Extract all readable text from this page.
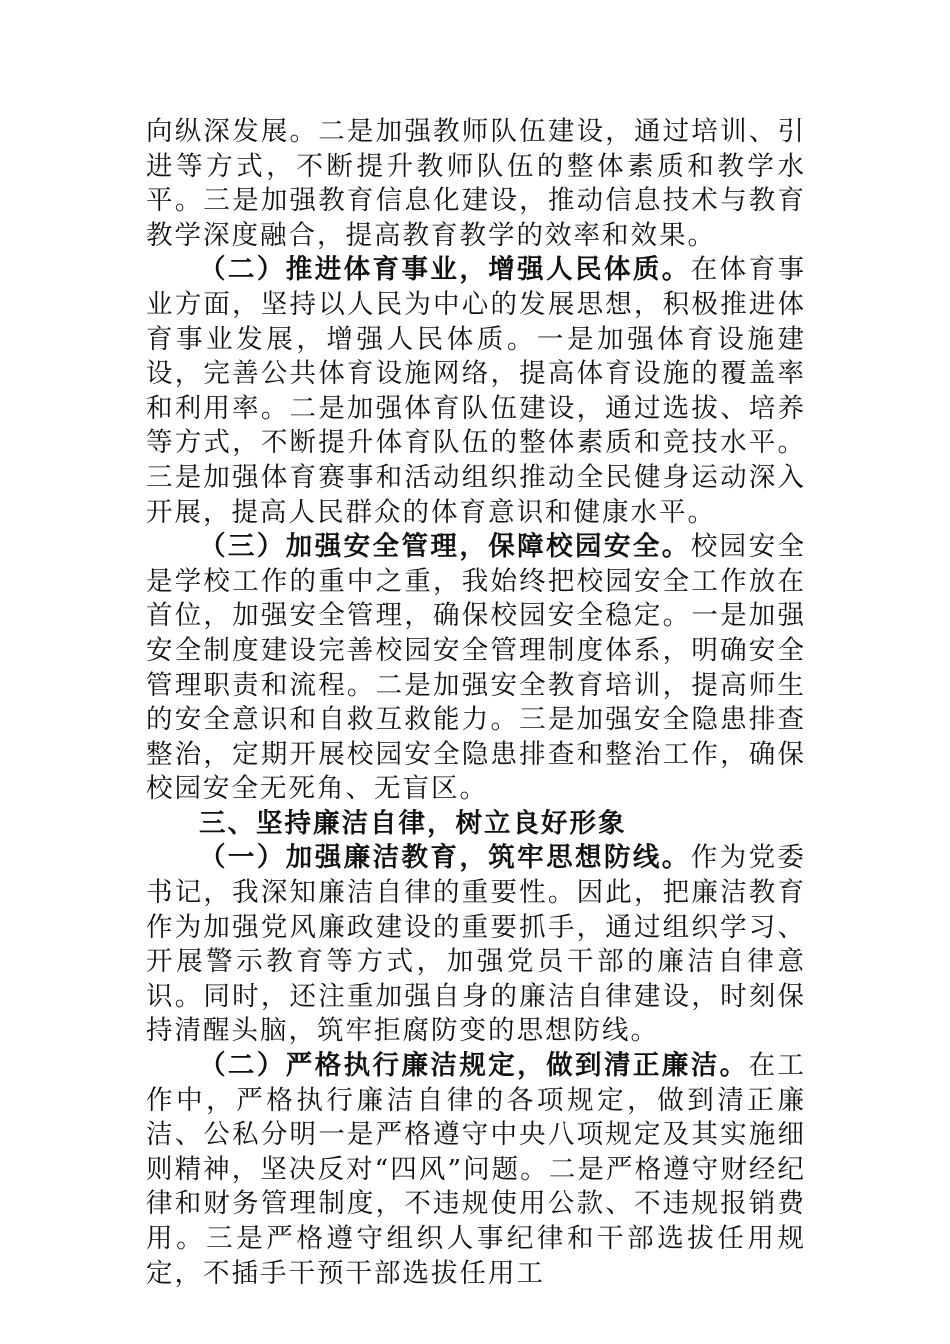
向纵深发展。二是加强教师队伍建设，通过培训、引进等方式，不断提升教师队伍的整体素质和教学水平。三是加强教育信息化建设，推动信息技术与教育教学深度融合，提高教育教学的效率和效果。

（二）推进体育事业，增强人民体质。在体育事业方面，坚持以人民为中心的发展思想，积极推进体育事业发展，增强人民体质。一是加强体育设施建设，完善公共体育设施网络，提高体育设施的覆盖率和利用率。二是加强体育队伍建设，通过选拔、培养等方式，不断提升体育队伍的整体素质和竞技水平。三是加强体育赛事和活动组织推动全民健身运动深入开展，提高人民群众的体育意识和健康水平。

（三）加强安全管理，保障校园安全。校园安全是学校工作的重中之重，我始终把校园安全工作放在首位，加强安全管理，确保校园安全稳定。一是加强安全制度建设完善校园安全管理制度体系，明确安全管理职责和流程。二是加强安全教育培训，提高师生的安全意识和自救互救能力。三是加强安全隐患排查整治，定期开展校园安全隐患排查和整治工作，确保校园安全无死角、无盲区。

三、坚持廉洁自律，树立良好形象

（一）加强廉洁教育，筑牢思想防线。作为党委书记，我深知廉洁自律的重要性。因此，把廉洁教育作为加强党风廉政建设的重要抓手，通过组织学习、开展警示教育等方式，加强党员干部的廉洁自律意识。同时，还注重加强自身的廉洁自律建设，时刻保持清醒头脑，筑牢拒腐防变的思想防线。

（二）严格执行廉洁规定，做到清正廉洁。在工作中，严格执行廉洁自律的各项规定，做到清正廉洁、公私分明一是严格遵守中央八项规定及其实施细则精神，坚决反对“四风”问题。二是严格遵守财经纪律和财务管理制度，不违规使用公款、不违规报销费用。三是严格遵守组织人事纪律和干部选拔任用规定，不插手干预干部选拔任用工
